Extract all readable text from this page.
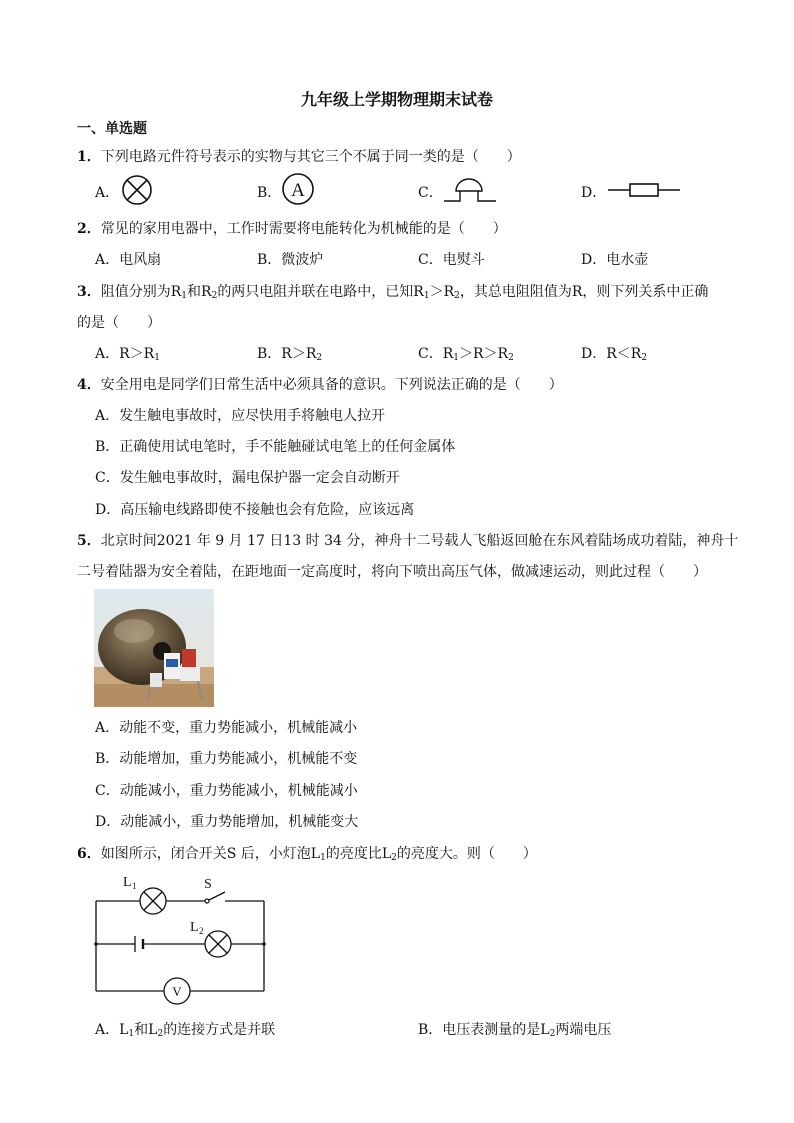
九年级上学期物理期末试卷
一、单选题
1．下列电路元件符号表示的实物与其它三个不属于同一类的是（　　）
A．	B． A	C．	D．
2．常见的家用电器中，工作时需要将电能转化为机械能的是（　　）
A．电风扇	B．微波炉	C．电熨斗	D．电水壶
3．阻值分别为$R_1$和$R_2$的两只电阻并联在电路中，已知$R_1>R_2$，其总电阻阻值为R，则下列关系中正确
的是（　　）
A．$R>R_1$	B．$R>R_2$	C．$R_1>R>R_2$	D．$R<R_2$
4．安全用电是同学们日常生活中必须具备的意识。下列说法正确的是（　　）
A．发生触电事故时，应尽快用手将触电人拉开
B．正确使用试电笔时，手不能触碰试电笔上的任何金属体
C．发生触电事故时，漏电保护器一定会自动断开
D．高压输电线路即使不接触也会有危险，应该远离
5．北京时间2021 年 9 月 17 日13 时 34 分，神舟十二号载人飞船返回舱在东风着陆场成功着陆，神舟十
二号着陆器为安全着陆，在距地面一定高度时，将向下喷出高压气体，做减速运动，则此过程（　　）
A．动能不变，重力势能减小，机械能减小
B．动能增加，重力势能减小，机械能不变
C．动能减小，重力势能减小，机械能减小
D．动能减小，重力势能增加，机械能变大
6．如图所示，闭合开关S 后，小灯泡$L_1$的亮度比$L_2$的亮度大。则（　　）
V
L 1	S
L 2
A．$L_1$和$L_2$的连接方式是并联	B．电压表测量的是$L_2$两端电压
